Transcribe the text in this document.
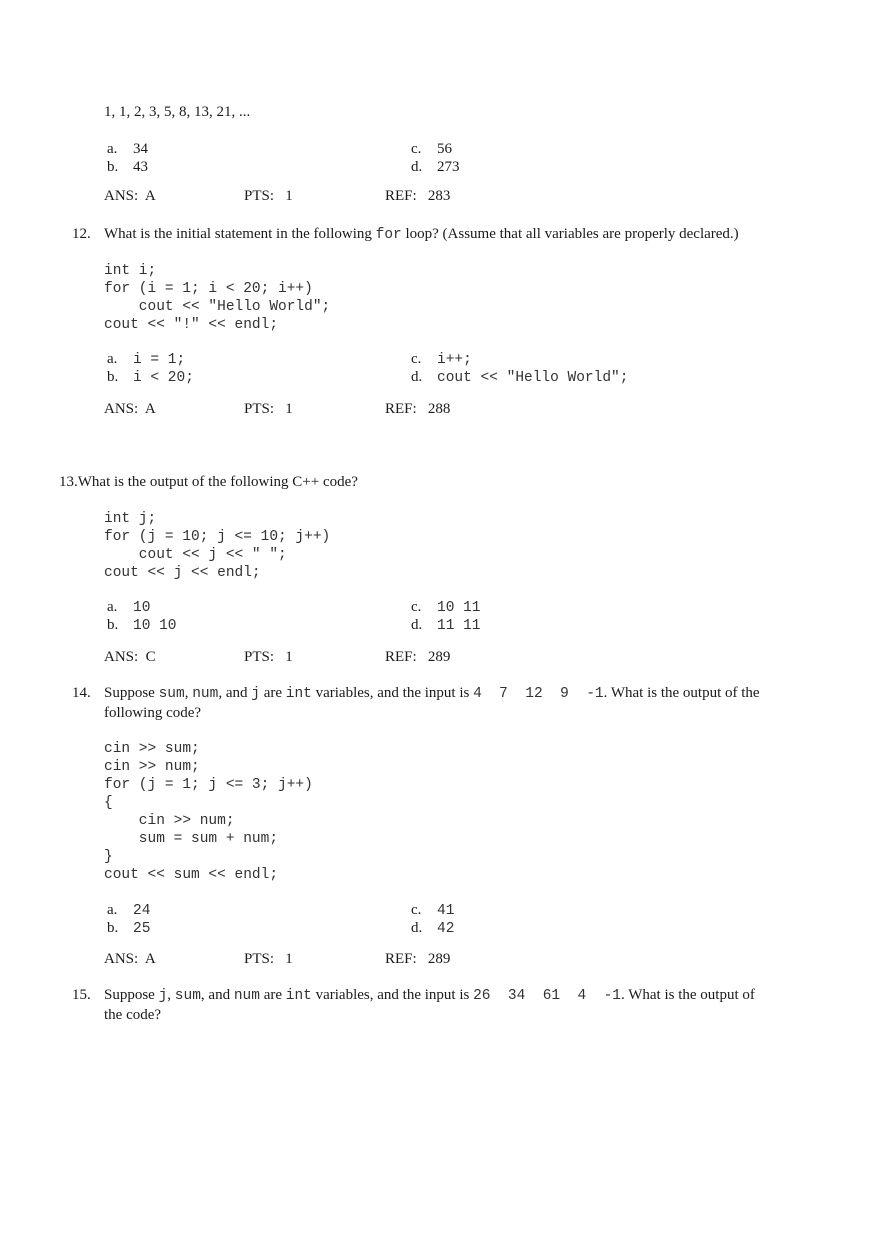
1, 1, 2, 3, 5, 8, 13, 21, ...
a.	34
b. 43
c.	56
d. 273
ANS:  A	PTS:   1	REF:   283
12. What is the initial statement in the following for loop? (Assume that all variables are properly declared.)
int i;
for (i = 1; i < 20; i++)
cout << "Hello World";
cout << "!" << endl;
a.	i = 1;
b.	i < 20;
c.	i++;
d.	cout << "Hello World";
ANS:  A	PTS:   1	REF:   288
13.What is the output of the following C++ code?
int j;
for (j = 10; j <= 10; j++)
cout << j << " ";
cout << j << endl;
a.	10
b.	10 10
c.	10 11
d.	11 11
ANS:  C	PTS:   1	REF:   289
14. Suppose sum, num, and j are int variables, and the input is 4  7  12  9  -1. What is the output of the
following code?
cin >> sum;
cin >> num;
for (j = 1; j <= 3; j++)
{
cin >> num;
sum = sum + num;
}
cout << sum << endl;
a.	24
b.	25
c.	41
d.	42
ANS:  A	PTS:   1	REF:   289
15. Suppose j, sum, and num are int variables, and the input is 26  34  61  4  -1. What is the output of
the code?
